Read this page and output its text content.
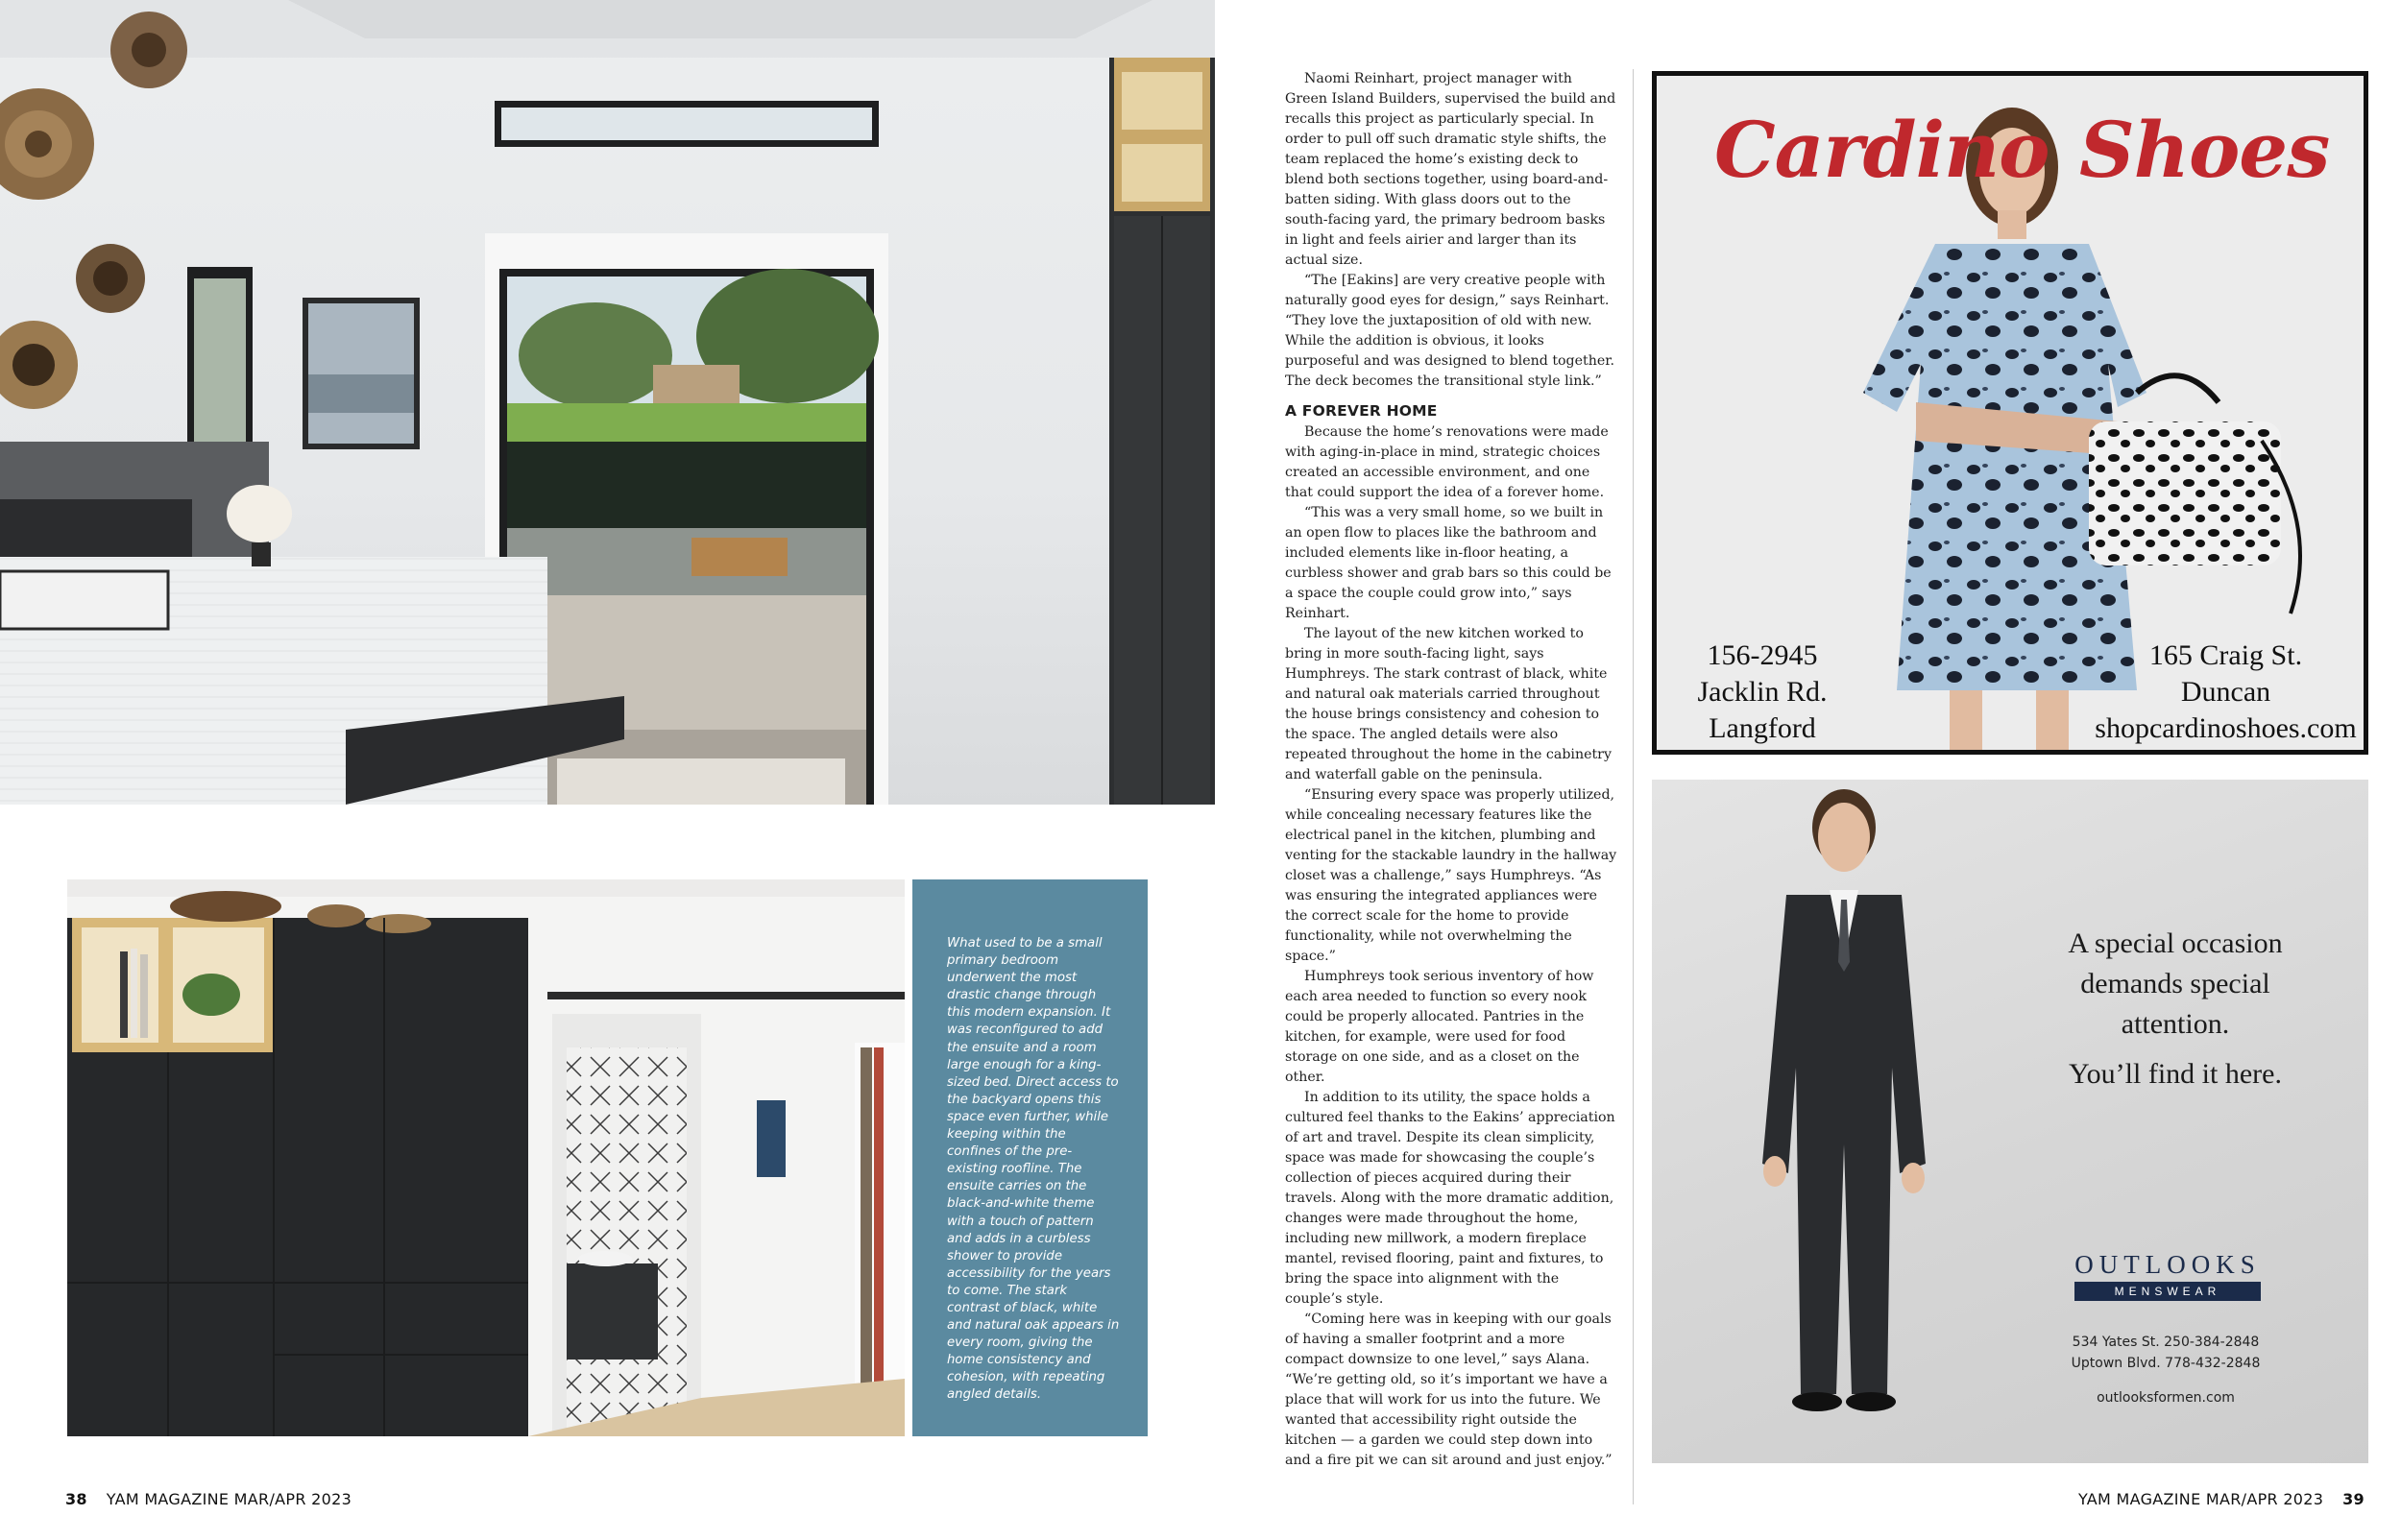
What used to be a small primary bedroom underwent the most drastic change through this modern expansion. It was reconfigured to add the ensuite and a room large enough for a king-sized bed. Direct access to the backyard opens this space even further, while keeping within the confines of the pre-existing roofline. The ensuite carries on the black-and-white theme with a touch of pattern and adds in a curbless shower to provide accessibility for the years to come. The stark contrast of black, white and natural oak appears in every room, giving the home consistency and cohesion, with repeating angled details.

Naomi Reinhart, project manager with Green Island Builders, supervised the build and recalls this project as particularly special. In order to pull off such dramatic style shifts, the team replaced the home’s existing deck to blend both sections together, using board-and-batten siding. With glass doors out to the south-facing yard, the primary bedroom basks in light and feels airier and larger than its actual size.

“The [Eakins] are very creative people with naturally good eyes for design,” says Reinhart. “They love the juxtaposition of old with new. While the addition is obvious, it looks purposeful and was designed to blend together. The deck becomes the transitional style link.”

A FOREVER HOME

Because the home’s renovations were made with aging-in-place in mind, strategic choices created an accessible environment, and one that could support the idea of a forever home.

“This was a very small home, so we built in an open flow to places like the bathroom and included elements like in-floor heating, a curbless shower and grab bars so this could be a space the couple could grow into,” says Reinhart.

The layout of the new kitchen worked to bring in more south-facing light, says Humphreys. The stark contrast of black, white and natural oak materials carried throughout the house brings consistency and cohesion to the space. The angled details were also repeated throughout the home in the cabinetry and waterfall gable on the peninsula.

“Ensuring every space was properly utilized, while concealing necessary features like the electrical panel in the kitchen, plumbing and venting for the stackable laundry in the hallway closet was a challenge,” says Humphreys. “As was ensuring the integrated appliances were the correct scale for the home to provide functionality, while not overwhelming the space.”

Humphreys took serious inventory of how each area needed to function so every nook could be properly allocated. Pantries in the kitchen, for example, were used for food storage on one side, and as a closet on the other.

In addition to its utility, the space holds a cultured feel thanks to the Eakins’ appreciation of art and travel. Despite its clean simplicity, space was made for showcasing the couple’s collection of pieces acquired during their travels. Along with the more dramatic addition, changes were made throughout the home, including new millwork, a modern fireplace mantel, revised flooring, paint and fixtures, to bring the space into alignment with the couple’s style.

“Coming here was in keeping with our goals of having a smaller footprint and a more compact downsize to one level,” says Alana. “We’re getting old, so it’s important we have a place that will work for us into the future. We wanted that accessibility right outside the kitchen — a garden we could step down into and a fire pit we can sit around and just enjoy.”

Cardino Shoes
156-2945
Jacklin Rd.
Langford
165 Craig St.
Duncan
shopcardinoshoes.com
A special occasion
demands special
attention.
You’ll find it here.
OUTLOOKS
MENSWEAR
534 Yates St. 250-384-2848
Uptown Blvd. 778-432-2848
outlooksformen.com
38 YAM MAGAZINE MAR/APR 2023	YAM MAGAZINE MAR/APR 2023 39
